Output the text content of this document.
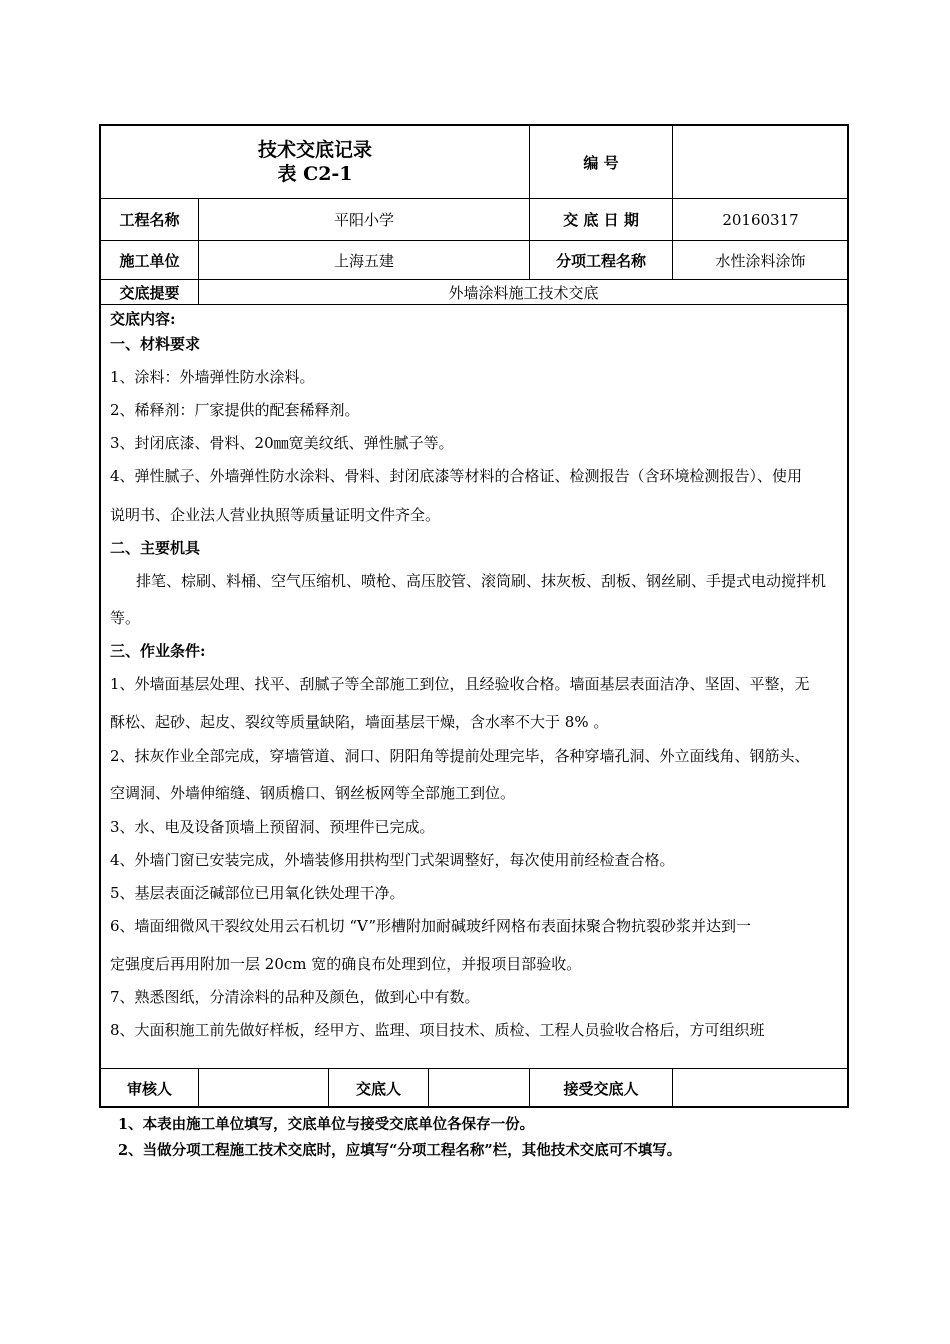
技术交底记录
表 C2-1
编 号
工程名称	平阳小学	交 底 日 期	20160317
施工单位	上海五建	分项工程名称	水性涂料涂饰
交底提要	外墙涂料施工技术交底
交底内容:
一、材料要求
1、涂料：外墙弹性防水涂料。
2、稀释剂：厂家提供的配套稀释剂。
3、封闭底漆、骨料、20㎜宽美纹纸、弹性腻子等。
4、弹性腻子、外墙弹性防水涂料、骨料、封闭底漆等材料的合格证、检测报告（含环境检测报告）、使用
说明书、企业法人营业执照等质量证明文件齐全。
二、主要机具
排笔、棕刷、料桶、空气压缩机、喷枪、高压胶管、滚筒刷、抹灰板、刮板、钢丝刷、手提式电动搅拌机
等。
三、作业条件:
1、外墙面基层处理、找平、刮腻子等全部施工到位，且经验收合格。墙面基层表面洁净、坚固、平整，无
酥松、起砂、起皮、裂纹等质量缺陷，墙面基层干燥，含水率不大于 8% 。
2、抹灰作业全部完成，穿墙管道、洞口、阴阳角等提前处理完毕，各种穿墙孔洞、外立面线角、钢筋头、
空调洞、外墙伸缩缝、钢质檐口、钢丝板网等全部施工到位。
3、水、电及设备顶墙上预留洞、预埋件已完成。
4、外墙门窗已安装完成，外墙装修用拱构型门式架调整好，每次使用前经检查合格。
5、基层表面泛碱部位已用氧化铁处理干净。
6、墙面细微风干裂纹处用云石机切 “V”形槽附加耐碱玻纤网格布表面抹聚合物抗裂砂浆并达到一
定强度后再用附加一层 20cm 宽的确良布处理到位，并报项目部验收。
7、熟悉图纸，分清涂料的品种及颜色，做到心中有数。
8、大面积施工前先做好样板，经甲方、监理、项目技术、质检、工程人员验收合格后，方可组织班
审核人	交底人	接受交底人
1、本表由施工单位填写，交底单位与接受交底单位各保存一份。
2、当做分项工程施工技术交底时，应填写“分项工程名称”栏，其他技术交底可不填写。
